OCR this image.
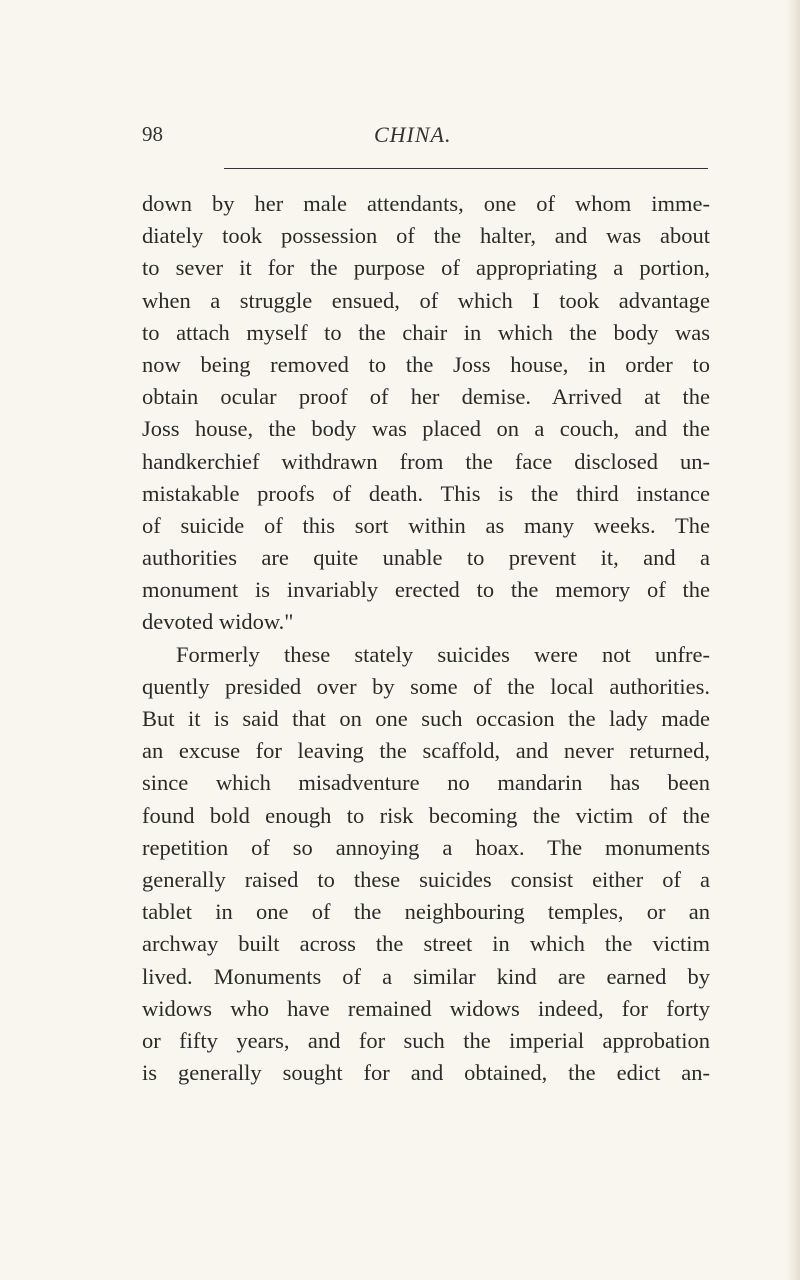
98	CHINA.
down by her male attendants, one of whom imme-
diately took possession of the halter, and was about
to sever it for the purpose of appropriating a portion,
when a struggle ensued, of which I took advantage
to attach myself to the chair in which the body was
now being removed to the Joss house, in order to
obtain ocular proof of her demise. Arrived at the
Joss house, the body was placed on a couch, and the
handkerchief withdrawn from the face disclosed un-
mistakable proofs of death. This is the third instance
of suicide of this sort within as many weeks. The
authorities are quite unable to prevent it, and a
monument is invariably erected to the memory of the
devoted widow."
Formerly these stately suicides were not unfre-
quently presided over by some of the local authorities.
But it is said that on one such occasion the lady made
an excuse for leaving the scaffold, and never returned,
since which misadventure no mandarin has been
found bold enough to risk becoming the victim of the
repetition of so annoying a hoax. The monuments
generally raised to these suicides consist either of a
tablet in one of the neighbouring temples, or an
archway built across the street in which the victim
lived. Monuments of a similar kind are earned by
widows who have remained widows indeed, for forty
or fifty years, and for such the imperial approbation
is generally sought for and obtained, the edict an-
